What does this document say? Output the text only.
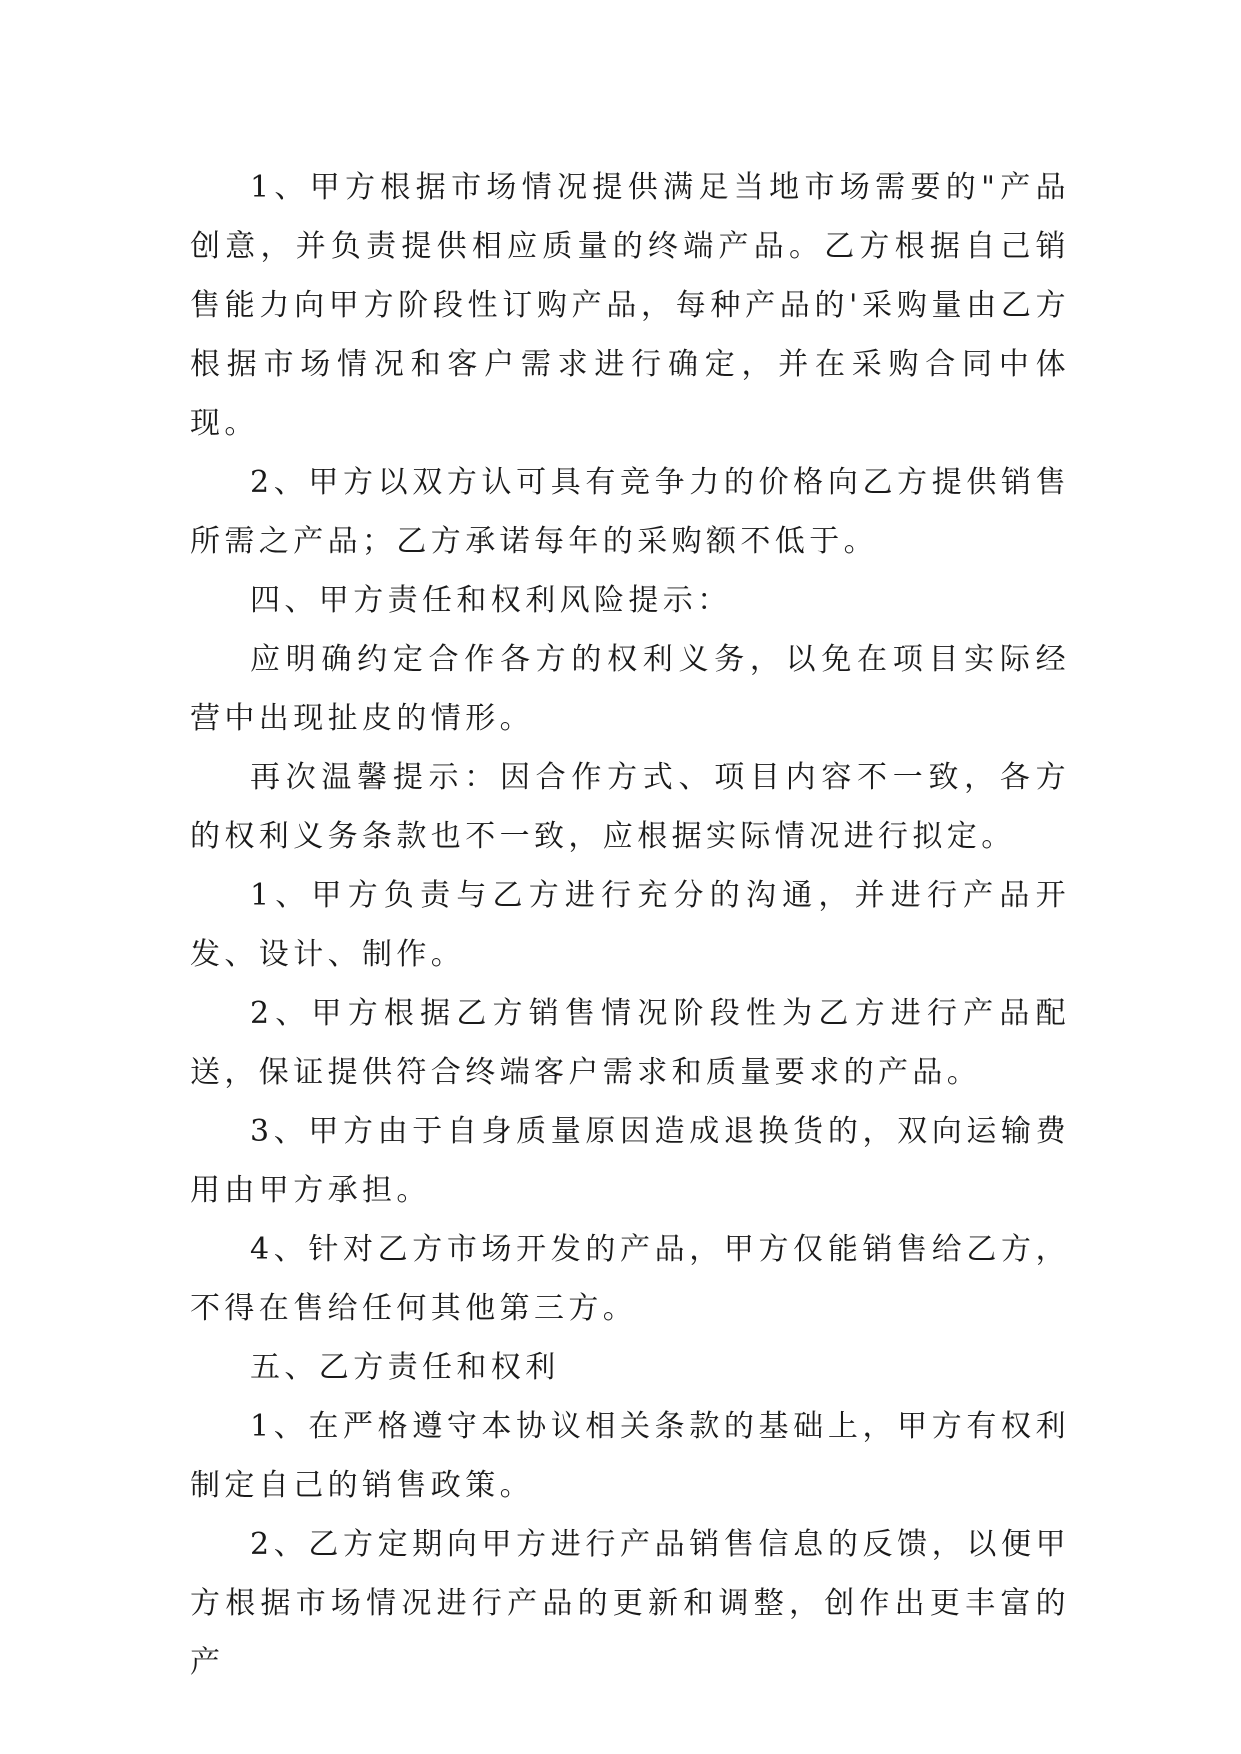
1、甲方根据市场情况提供满足当地市场需要的"产品创意，并负责提供相应质量的终端产品。乙方根据自己销售能力向甲方阶段性订购产品，每种产品的'采购量由乙方根据市场情况和客户需求进行确定，并在采购合同中体现。

2、甲方以双方认可具有竞争力的价格向乙方提供销售所需之产品；乙方承诺每年的采购额不低于。

四、甲方责任和权利风险提示：

应明确约定合作各方的权利义务，以免在项目实际经营中出现扯皮的情形。

再次温馨提示：因合作方式、项目内容不一致，各方的权利义务条款也不一致，应根据实际情况进行拟定。

1、甲方负责与乙方进行充分的沟通，并进行产品开发、设计、制作。

2、甲方根据乙方销售情况阶段性为乙方进行产品配送，保证提供符合终端客户需求和质量要求的产品。

3、甲方由于自身质量原因造成退换货的，双向运输费用由甲方承担。

4、针对乙方市场开发的产品，甲方仅能销售给乙方，不得在售给任何其他第三方。

五、乙方责任和权利

1、在严格遵守本协议相关条款的基础上，甲方有权利制定自己的销售政策。

2、乙方定期向甲方进行产品销售信息的反馈，以便甲方根据市场情况进行产品的更新和调整，创作出更丰富的产
